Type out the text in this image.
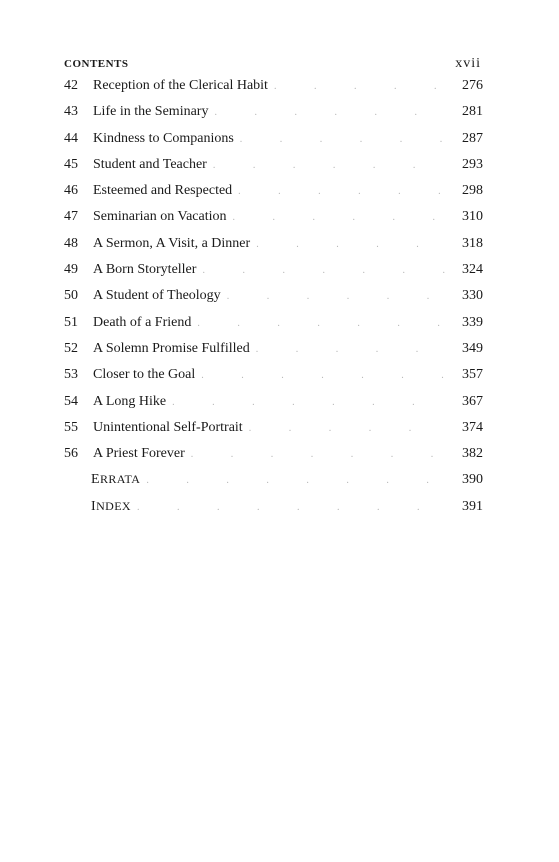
CONTENTS	xvii
42	Reception of the Clerical Habit .	276
43	Life in the Seminary .	281
44	Kindness to Companions .	287
45	Student and Teacher .	293
46	Esteemed and Respected .	298
47	Seminarian on Vacation .	310
48	A Sermon, A Visit, a Dinner .	318
49	A Born Storyteller .	324
50	A Student of Theology .	330
51	Death of a Friend .	339
52	A Solemn Promise Fulfilled .	349
53	Closer to the Goal .	357
54	A Long Hike .	367
55	Unintentional Self-Portrait .	374
56	A Priest Forever .	382
ERRATA .	390
INDEX .	391
